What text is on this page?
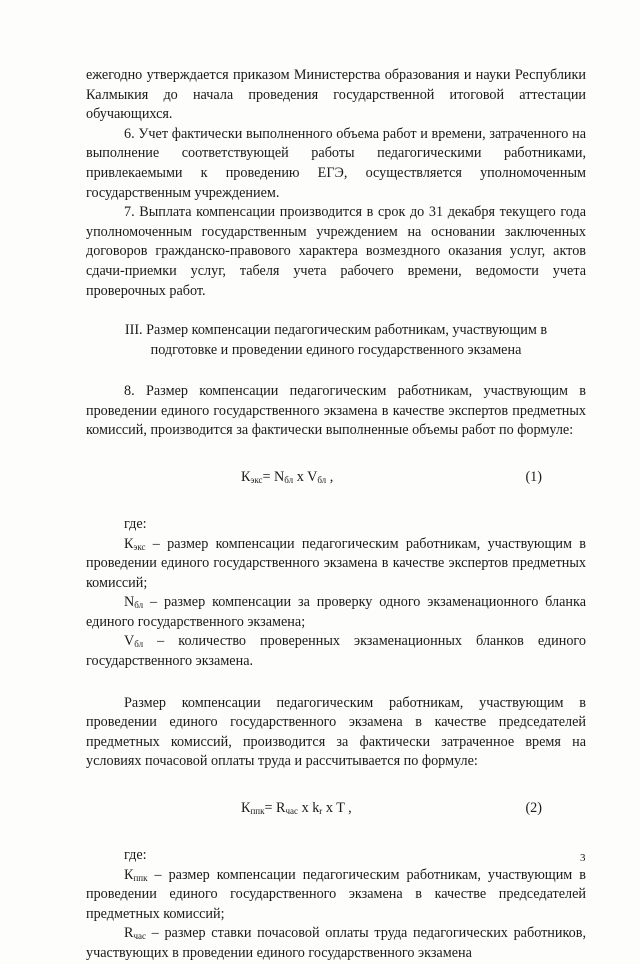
ежегодно утверждается приказом Министерства образования и науки Республики Калмыкия до начала проведения государственной итоговой аттестации обучающихся.

6. Учет фактически выполненного объема работ и времени, затраченного на выполнение соответствующей работы педагогическими работниками, привлекаемыми к проведению ЕГЭ, осуществляется уполномоченным государственным учреждением.

7. Выплата компенсации производится в срок до 31 декабря текущего года уполномоченным государственным учреждением на основании заключенных договоров гражданско-правового характера возмездного оказания услуг, актов сдачи-приемки услуг, табеля учета рабочего времени, ведомости учета проверочных работ.

III. Размер компенсации педагогическим работникам, участвующим в
подготовке и проведении единого государственного экзамена

8. Размер компенсации педагогическим работникам, участвующим в проведении единого государственного экзамена в качестве экспертов предметных комиссий, производится за фактически выполненные объемы работ по формуле:

$К_{экс}= N_{бл}$ x $V_{бл}$ ,	(1)

где:

$К_{экс}$ – размер компенсации педагогическим работникам, участвующим в проведении единого государственного экзамена в качестве экспертов предметных комиссий;

$N_{бл}$ – размер компенсации за проверку одного экзаменационного бланка единого государственного экзамена;

$V_{бл}$ – количество проверенных экзаменационных бланков единого государственного экзамена.

Размер компенсации педагогическим работникам, участвующим в проведении единого государственного экзамена в качестве председателей предметных комиссий, производится за фактически затраченное время на условиях почасовой оплаты труда и рассчитывается по формуле:

$К_{ппк}= R_{час}$ x $k_r$ x T ,	(2)

где:

$К_{ппк}$ – размер компенсации педагогическим работникам, участвующим в проведении единого государственного экзамена в качестве председателей предметных комиссий;

$R_{час}$ – размер ставки почасовой оплаты труда педагогических работников, участвующих в проведении единого государственного экзамена

3
